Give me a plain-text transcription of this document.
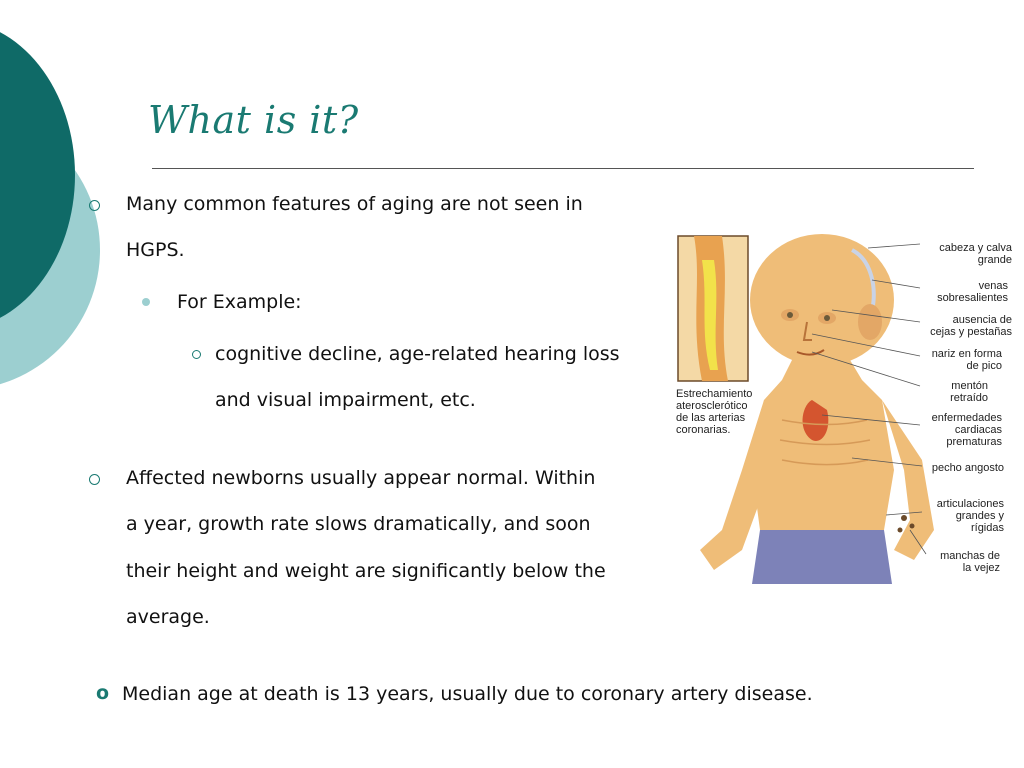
What is it?
Many common features of aging are not seen in
HGPS.
For Example:
cognitive decline, age-related hearing loss
and visual impairment, etc.
Affected newborns usually appear normal. Within
a year, growth rate slows dramatically, and soon
their height and weight are significantly below the
average.
o Median age at death is 13 years, usually due to coronary artery disease.
Estrechamiento
aterosclerótico
de las arterias
coronarias.
cabeza y calva
grande
venas
sobresalientes
ausencia de
cejas y pestañas
nariz en forma
de pico
mentón
retraído
enfermedades
cardiacas
prematuras
pecho angosto
articulaciones
grandes y
rígidas
manchas de
la vejez
